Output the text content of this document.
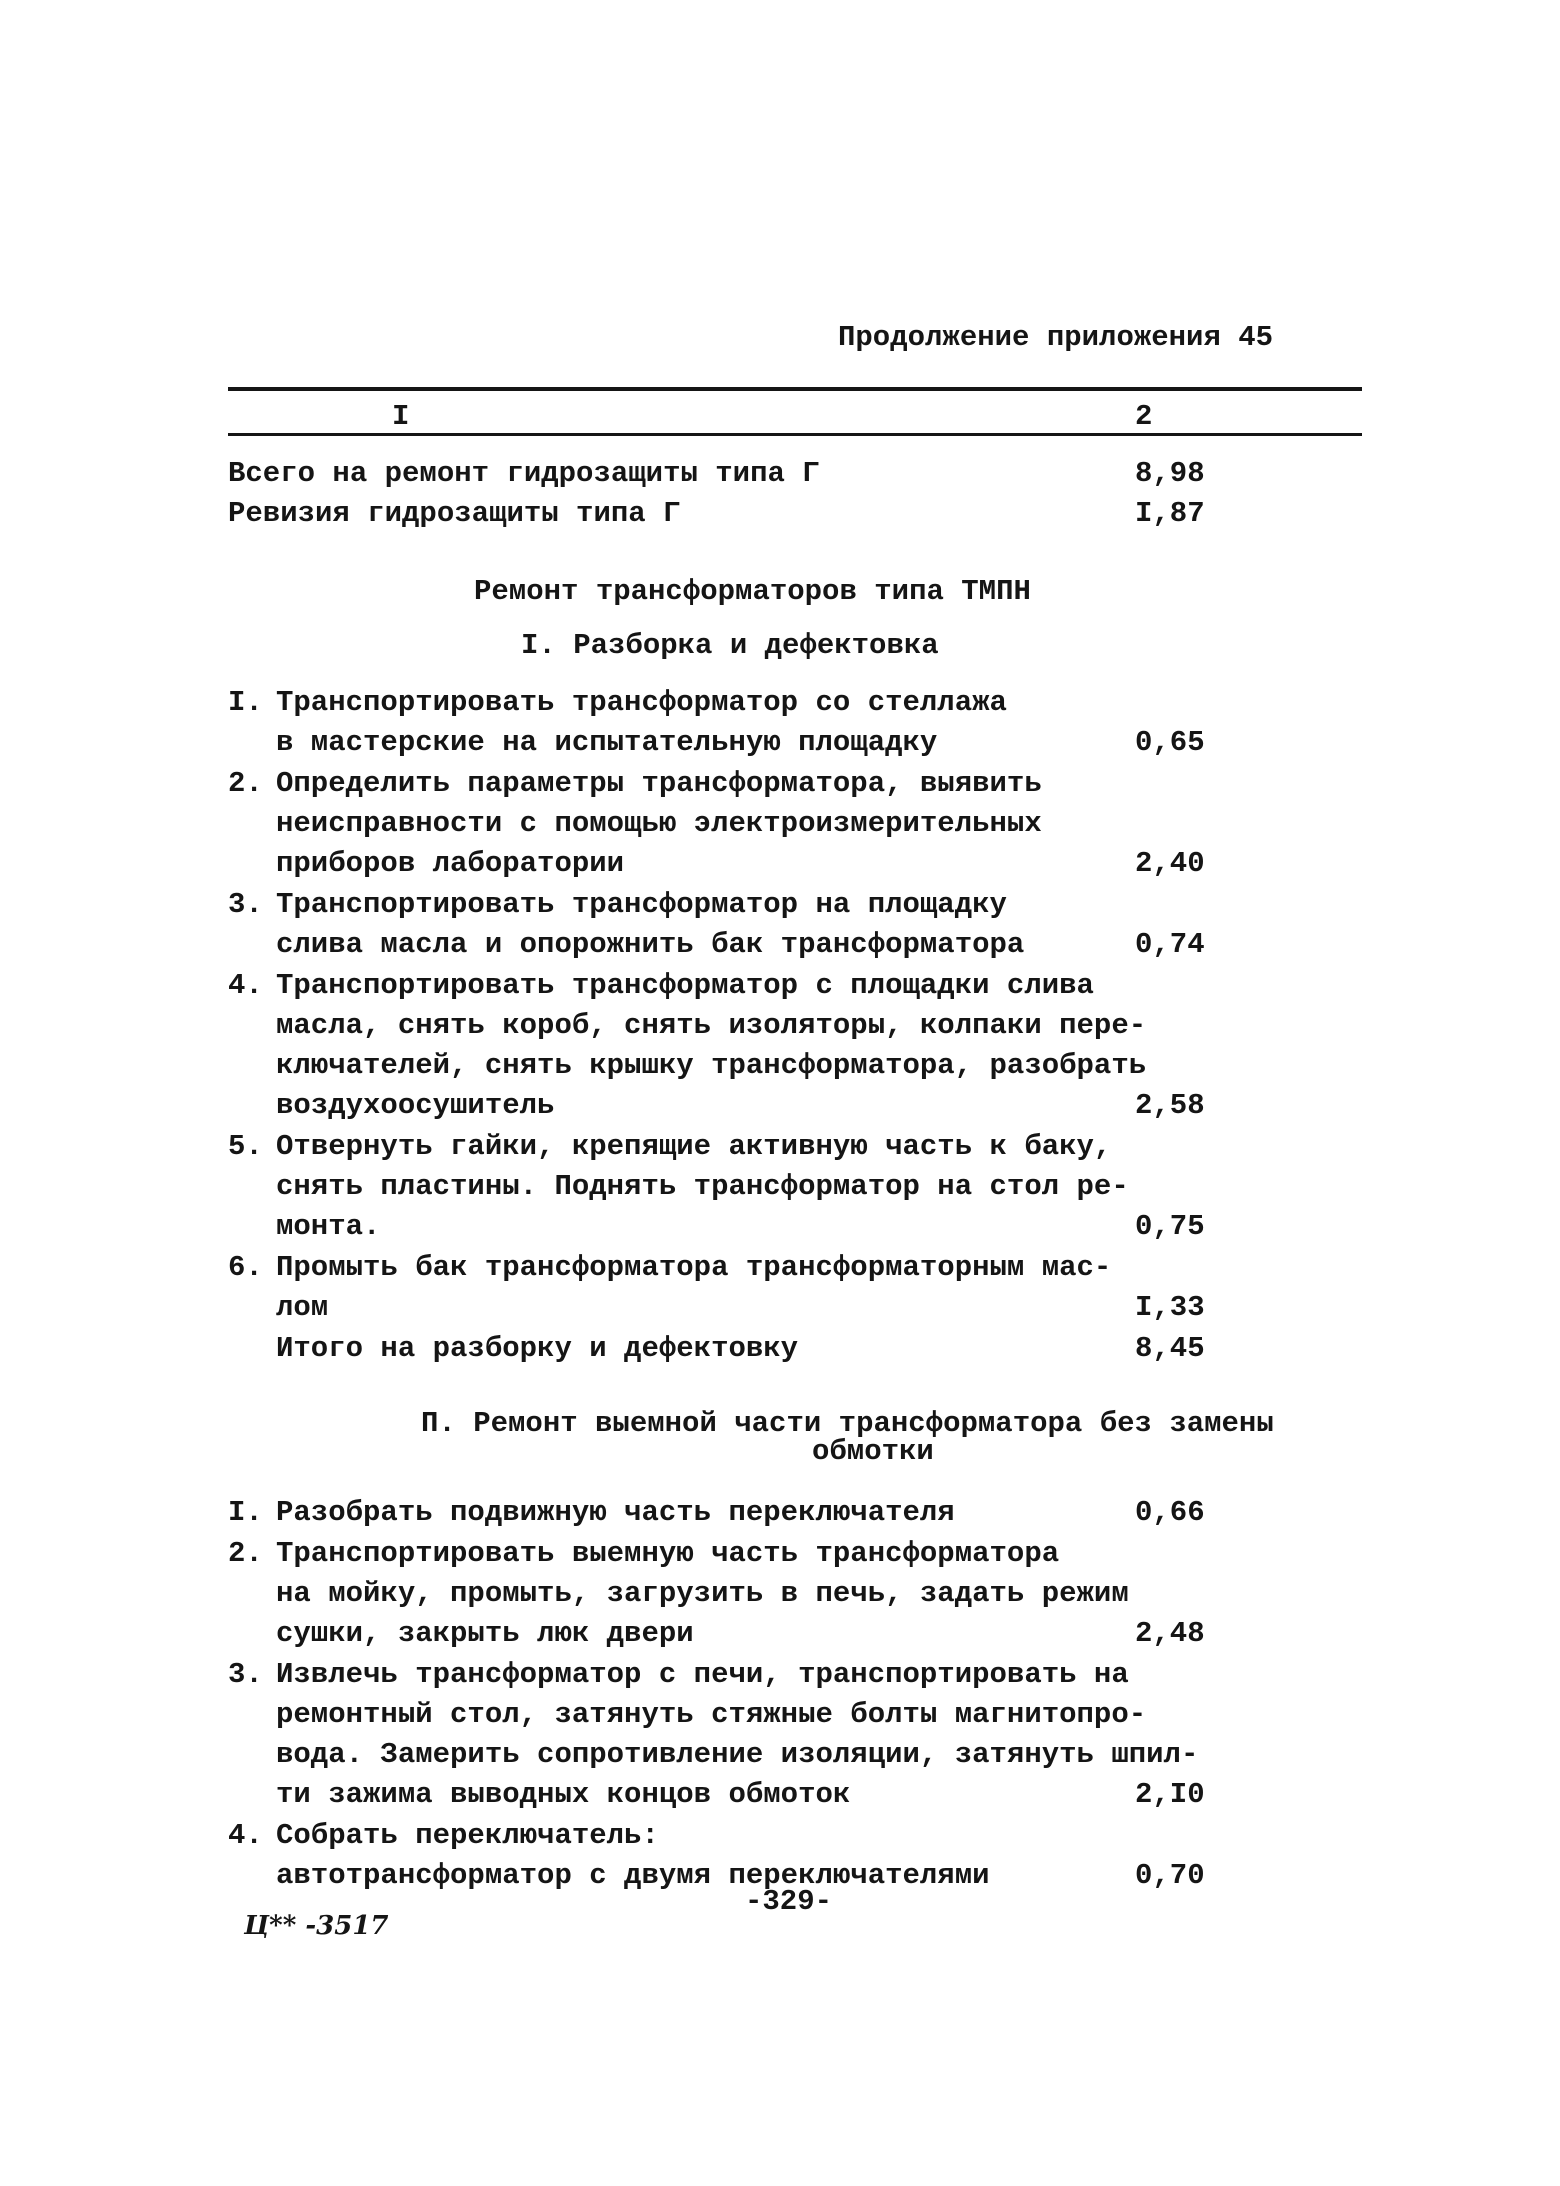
Продолжение приложения 45
I	2
Всего на ремонт гидрозащиты типа Г	8,98
Ревизия гидрозащиты типа Г	I,87
Ремонт трансформаторов типа ТМПН
I. Разборка и дефектовка
I. Транспортировать трансформатор со стеллажа
в мастерские на испытательную площадку	0,65
2. Определить параметры трансформатора, выявить
неисправности с помощью электроизмерительных
приборов лаборатории	2,40
3. Транспортировать трансформатор на площадку
слива масла и опорожнить бак трансформатора	0,74
4. Транспортировать трансформатор с площадки слива
масла, снять короб, снять изоляторы, колпаки пере-
ключателей, снять крышку трансформатора, разобрать
воздухоосушитель	2,58
5. Отвернуть гайки, крепящие активную часть к баку,
снять пластины. Поднять трансформатор на стол ре-
монта.	0,75
6. Промыть бак трансформатора трансформаторным мас-
лом	I,33
Итого на разборку и дефектовку	8,45
П. Ремонт выемной части трансформатора без замены
обмотки
I. Разобрать подвижную часть переключателя	0,66
2. Транспортировать выемную часть трансформатора
на мойку, промыть, загрузить в печь, задать режим
сушки, закрыть люк двери	2,48
3. Извлечь трансформатор с печи, транспортировать на
ремонтный стол, затянуть стяжные болты магнитопро-
вода. Замерить сопротивление изоляции, затянуть шпил-
ти зажима выводных концов обмоток	2,I0
4. Собрать переключатель:
автотрансформатор с двумя переключателями	0,70
-329-
Ц** -3517
